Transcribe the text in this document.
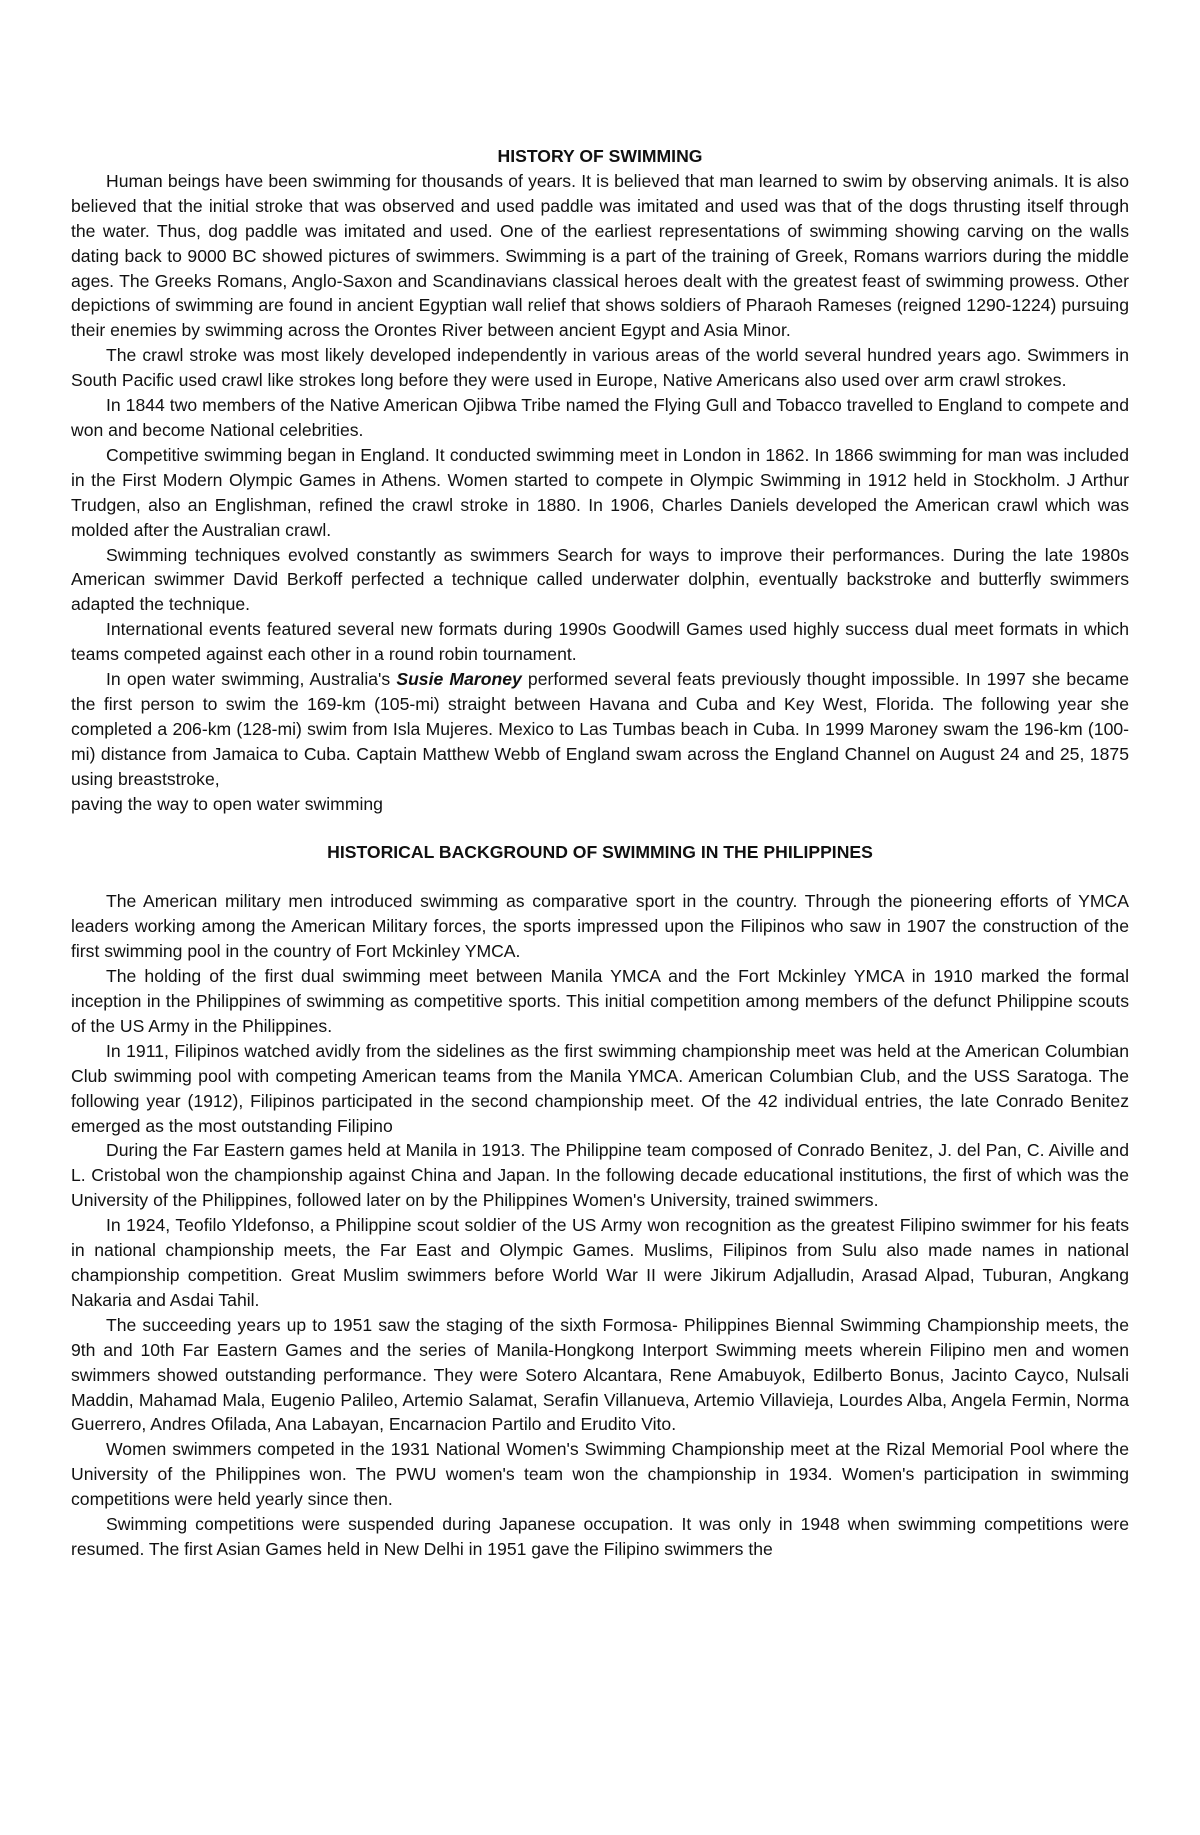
HISTORY OF SWIMMING

Human beings have been swimming for thousands of years. It is believed that man learned to swim by observing animals. It is also believed that the initial stroke that was observed and used paddle was imitated and used was that of the dogs thrusting itself through the water. Thus, dog paddle was imitated and used. One of the earliest representations of swimming showing carving on the walls dating back to 9000 BC showed pictures of swimmers. Swimming is a part of the training of Greek, Romans warriors during the middle ages. The Greeks Romans, Anglo-Saxon and Scandinavians classical heroes dealt with the greatest feast of swimming prowess. Other depictions of swimming are found in ancient Egyptian wall relief that shows soldiers of Pharaoh Rameses (reigned 1290-1224) pursuing their enemies by swimming across the Orontes River between ancient Egypt and Asia Minor.

The crawl stroke was most likely developed independently in various areas of the world several hundred years ago. Swimmers in South Pacific used crawl like strokes long before they were used in Europe, Native Americans also used over arm crawl strokes.

In 1844 two members of the Native American Ojibwa Tribe named the Flying Gull and Tobacco travelled to England to compete and won and become National celebrities.

Competitive swimming began in England. It conducted swimming meet in London in 1862. In 1866 swimming for man was included in the First Modern Olympic Games in Athens. Women started to compete in Olympic Swimming in 1912 held in Stockholm. J Arthur Trudgen, also an Englishman, refined the crawl stroke in 1880. In 1906, Charles Daniels developed the American crawl which was molded after the Australian crawl.

Swimming techniques evolved constantly as swimmers Search for ways to improve their performances. During the late 1980s American swimmer David Berkoff perfected a technique called underwater dolphin, eventually backstroke and butterfly swimmers adapted the technique.

International events featured several new formats during 1990s Goodwill Games used highly success dual meet formats in which teams competed against each other in a round robin tournament.

In open water swimming, Australia's Susie Maroney performed several feats previously thought impossible. In 1997 she became the first person to swim the 169-km (105-mi) straight between Havana and Cuba and Key West, Florida. The following year she completed a 206-km (128-mi) swim from Isla Mujeres. Mexico to Las Tumbas beach in Cuba. In 1999 Maroney swam the 196-km (100-mi) distance from Jamaica to Cuba. Captain Matthew Webb of England swam across the England Channel on August 24 and 25, 1875 using breaststroke,

paving the way to open water swimming

HISTORICAL BACKGROUND OF SWIMMING IN THE PHILIPPINES

The American military men introduced swimming as comparative sport in the country. Through the pioneering efforts of YMCA leaders working among the American Military forces, the sports impressed upon the Filipinos who saw in 1907 the construction of the first swimming pool in the country of Fort Mckinley YMCA.

The holding of the first dual swimming meet between Manila YMCA and the Fort Mckinley YMCA in 1910 marked the formal inception in the Philippines of swimming as competitive sports. This initial competition among members of the defunct Philippine scouts of the US Army in the Philippines.

In 1911, Filipinos watched avidly from the sidelines as the first swimming championship meet was held at the American Columbian Club swimming pool with competing American teams from the Manila YMCA. American Columbian Club, and the USS Saratoga. The following year (1912), Filipinos participated in the second championship meet. Of the 42 individual entries, the late Conrado Benitez emerged as the most outstanding Filipino

During the Far Eastern games held at Manila in 1913. The Philippine team composed of Conrado Benitez, J. del Pan, C. Aiville and L. Cristobal won the championship against China and Japan. In the following decade educational institutions, the first of which was the University of the Philippines, followed later on by the Philippines Women's University, trained swimmers.

In 1924, Teofilo Yldefonso, a Philippine scout soldier of the US Army won recognition as the greatest Filipino swimmer for his feats in national championship meets, the Far East and Olympic Games. Muslims, Filipinos from Sulu also made names in national championship competition. Great Muslim swimmers before World War II were Jikirum Adjalludin, Arasad Alpad, Tuburan, Angkang Nakaria and Asdai Tahil.

The succeeding years up to 1951 saw the staging of the sixth Formosa- Philippines Biennal Swimming Championship meets, the 9th and 10th Far Eastern Games and the series of Manila-Hongkong Interport Swimming meets wherein Filipino men and women swimmers showed outstanding performance. They were Sotero Alcantara, Rene Amabuyok, Edilberto Bonus, Jacinto Cayco, Nulsali Maddin, Mahamad Mala, Eugenio Palileo, Artemio Salamat, Serafin Villanueva, Artemio Villavieja, Lourdes Alba, Angela Fermin, Norma Guerrero, Andres Ofilada, Ana Labayan, Encarnacion Partilo and Erudito Vito.

Women swimmers competed in the 1931 National Women's Swimming Championship meet at the Rizal Memorial Pool where the University of the Philippines won. The PWU women's team won the championship in 1934. Women's participation in swimming competitions were held yearly since then.

Swimming competitions were suspended during Japanese occupation. It was only in 1948 when swimming competitions were resumed. The first Asian Games held in New Delhi in 1951 gave the Filipino swimmers the
